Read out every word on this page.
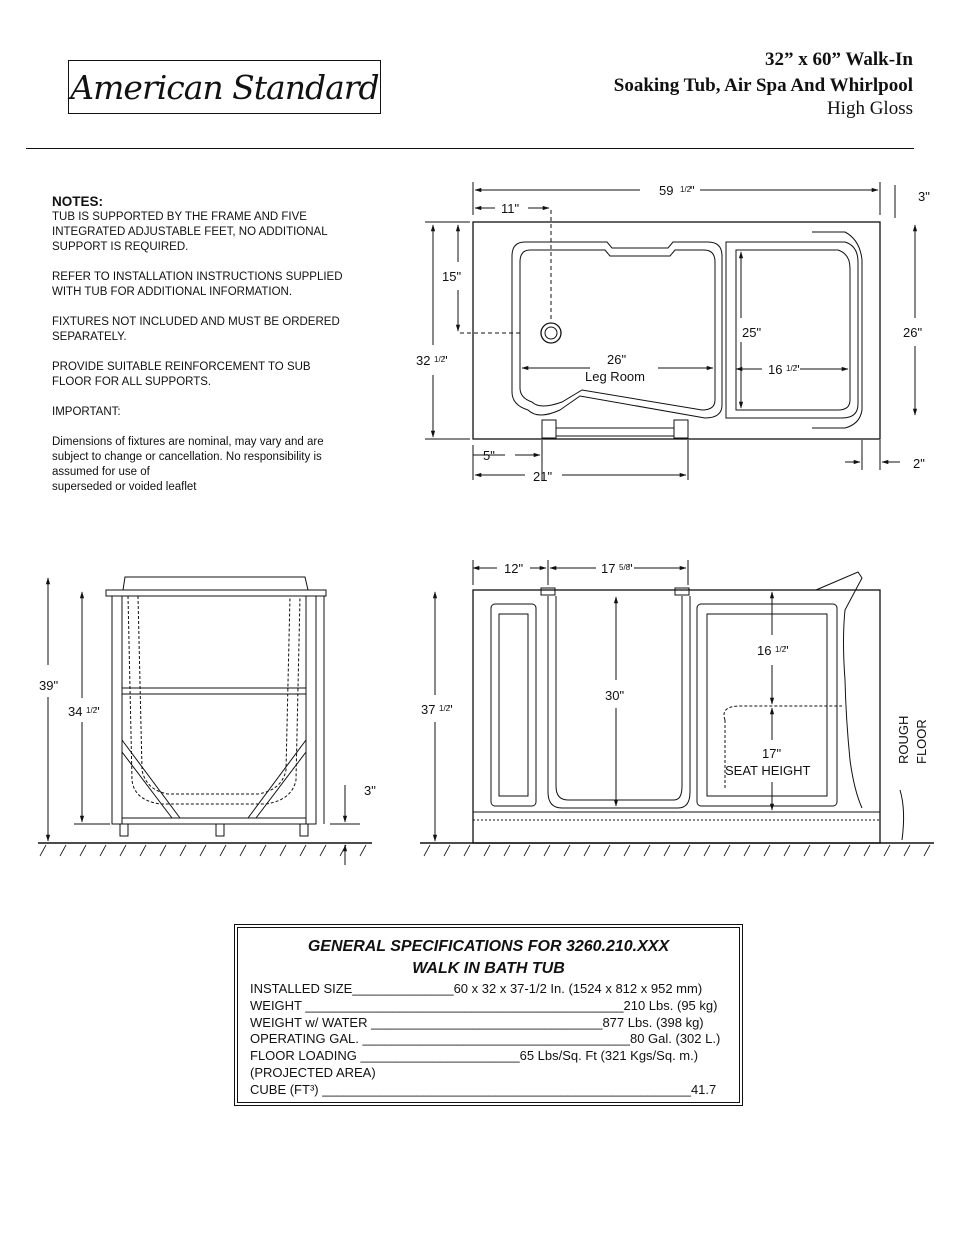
American Standard
32” x 60” Walk-In
Soaking Tub, Air Spa And Whirlpool
High Gloss
NOTES:

TUB IS SUPPORTED BY THE FRAME AND FIVE
INTEGRATED ADJUSTABLE FEET, NO ADDITIONAL
SUPPORT IS REQUIRED.

REFER TO INSTALLATION INSTRUCTIONS SUPPLIED
WITH TUB FOR ADDITIONAL INFORMATION.

FIXTURES NOT INCLUDED AND MUST BE ORDERED
SEPARATELY.

PROVIDE SUITABLE REINFORCEMENT TO SUB
FLOOR FOR ALL SUPPORTS.

IMPORTANT:

Dimensions of fixtures are nominal, may vary and are
subject to change or cancellation. No responsibility is
assumed for use of
superseded or voided leaflet

59 1/2
"
11"
3"
15"
32 1/2
"	26"
Leg Room
25"	26"
16 1/2
"
5"
21"
2"
39"
34 1/2
"
3"
12"	17 5/8
"
37 1/2
"
30"
16 1/2
"
17"
SEAT HEIGHT
ROUGH FLOOR
GENERAL SPECIFICATIONS FOR 3260.210.XXX
WALK IN BATH TUB
INSTALLED SIZE______________60 x 32 x 37-1/2 In. (1524 x 812 x 952 mm)
WEIGHT ____________________________________________210 Lbs. (95 kg)
WEIGHT w/ WATER ________________________________877 Lbs. (398 kg)
OPERATING GAL. _____________________________________80 Gal. (302 L.)
FLOOR LOADING ______________________65 Lbs/Sq. Ft (321 Kgs/Sq. m.)
(PROJECTED AREA)
CUBE (FT³) ___________________________________________________41.7
